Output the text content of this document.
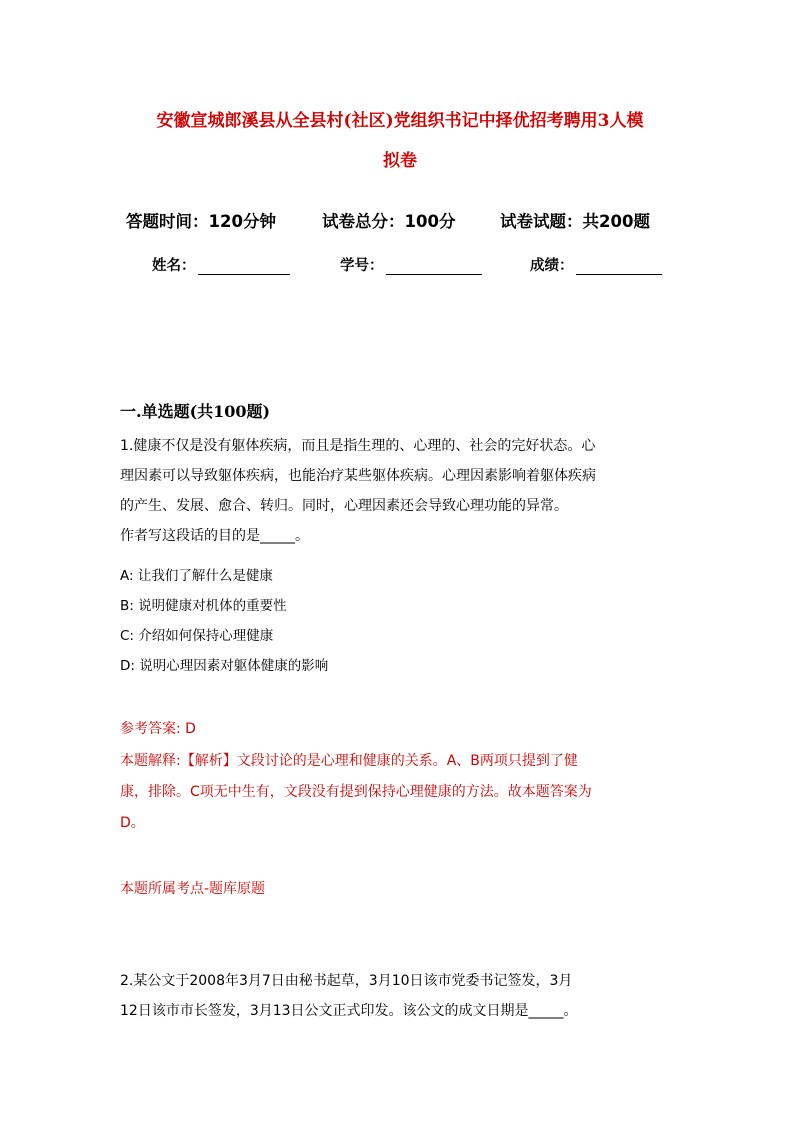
安徽宣城郎溪县从全县村(社区)党组织书记中择优招考聘用3人模
拟卷
答题时间：120分钟	试卷总分：100分	试卷试题：共200题
姓名：	学号：	成绩：
一.单选题(共100题)
1.健康不仅是没有躯体疾病，而且是指生理的、心理的、社会的完好状态。心
理因素可以导致躯体疾病，也能治疗某些躯体疾病。心理因素影响着躯体疾病
的产生、发展、愈合、转归。同时，心理因素还会导致心理功能的异常。
作者写这段话的目的是_____。
A: 让我们了解什么是健康
B: 说明健康对机体的重要性
C: 介绍如何保持心理健康
D: 说明心理因素对躯体健康的影响
参考答案: D
本题解释:【解析】文段讨论的是心理和健康的关系。A、B两项只提到了健
康，排除。C项无中生有，文段没有提到保持心理健康的方法。故本题答案为
D。
本题所属考点-题库原题
2.某公文于2008年3月7日由秘书起草，3月10日该市党委书记签发，3月
12日该市市长签发，3月13日公文正式印发。该公文的成文日期是_____。
